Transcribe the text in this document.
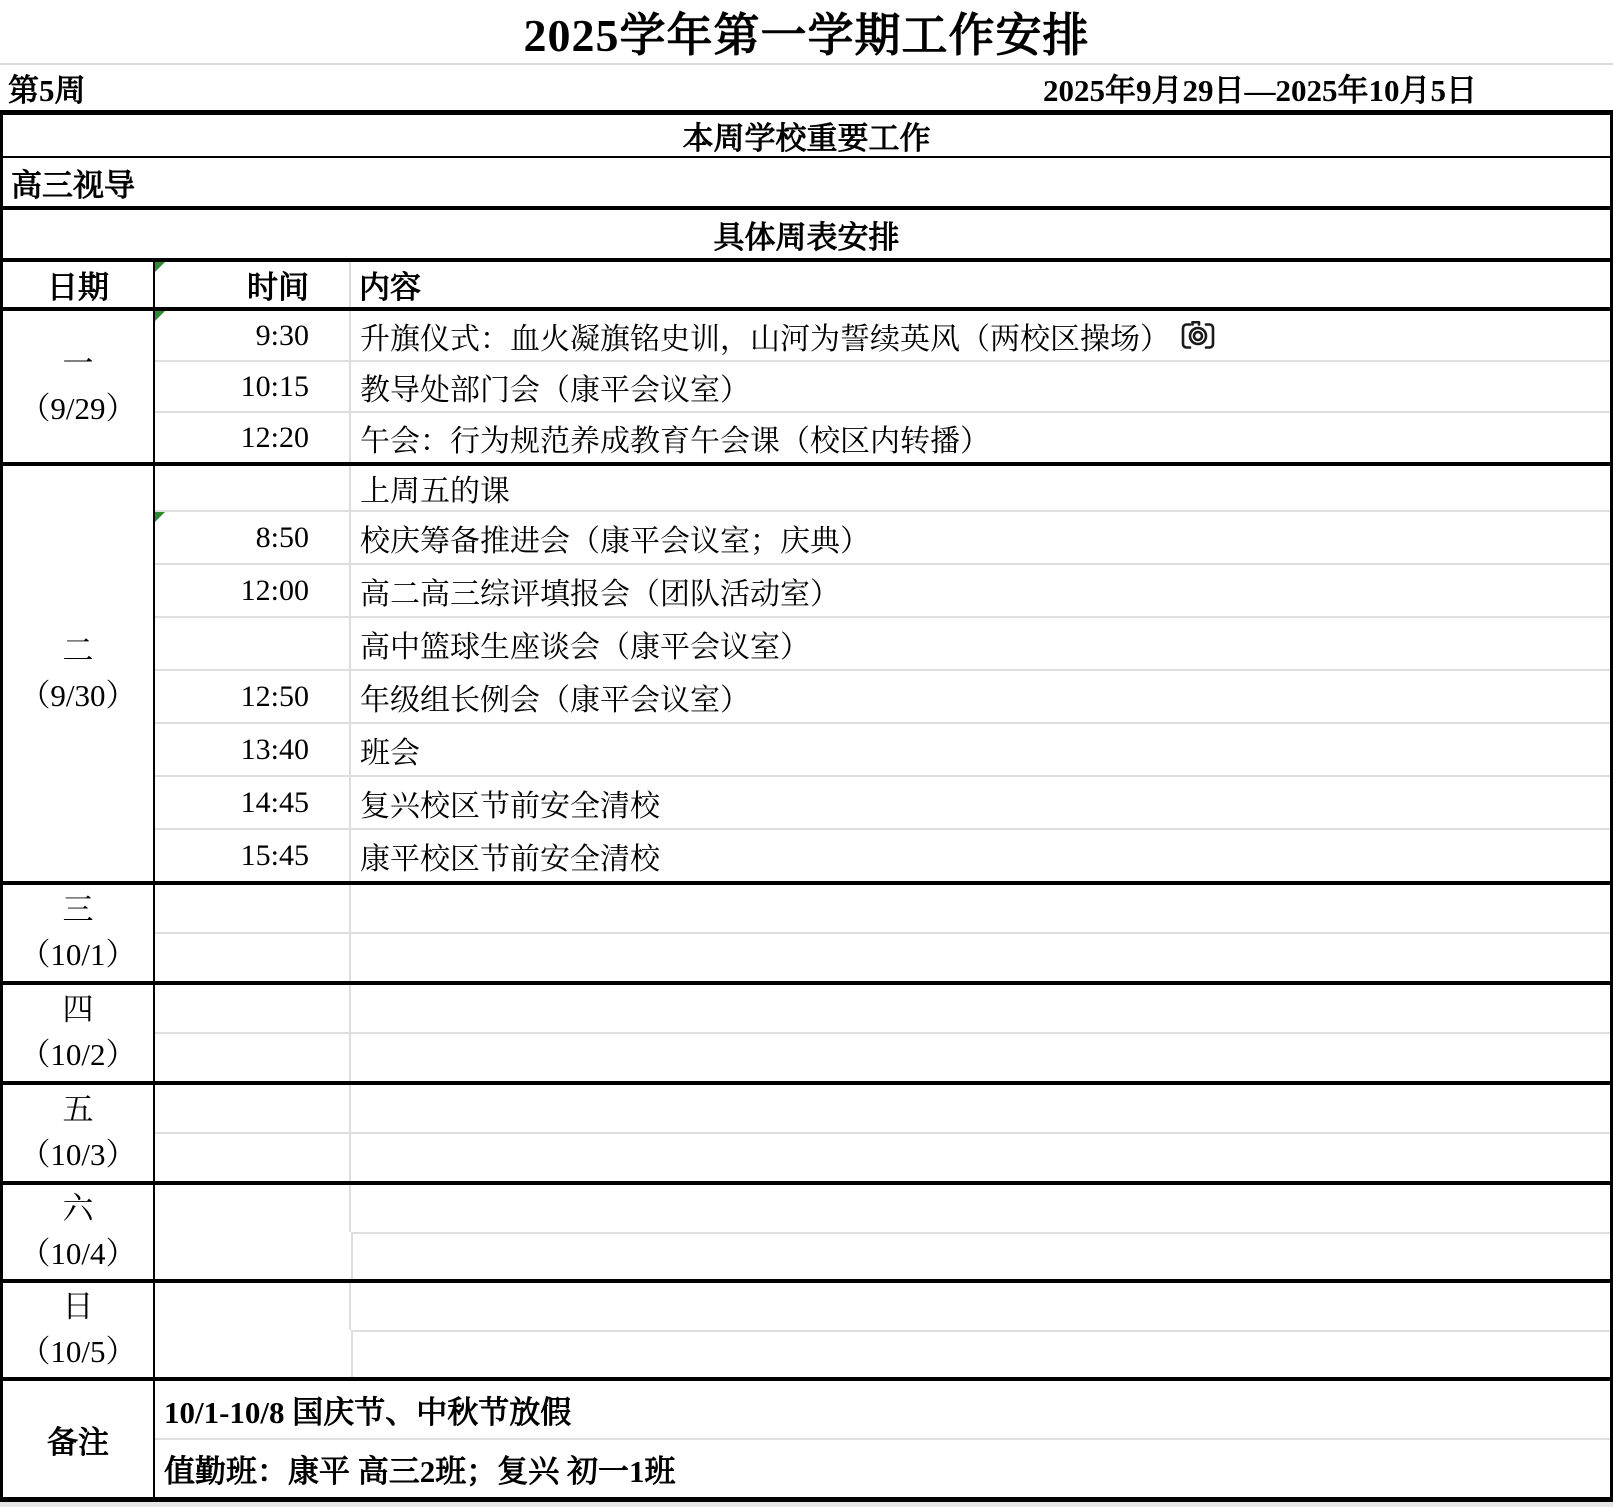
2025学年第一学期工作安排
第5周	2025年9月29日—2025年10月5日
本周学校重要工作
高三视导
具体周表安排
日期	时间 内容
一
（9/29）
9:30 升旗仪式：血火凝旗铭史训，山河为誓续英风（两校区操场）
10:15 教导处部门会（康平会议室）
12:20 午会：行为规范养成教育午会课（校区内转播）
二
（9/30）
上周五的课
8:50 校庆筹备推进会（康平会议室；庆典）
12:00 高二高三综评填报会（团队活动室）
高中篮球生座谈会（康平会议室）
12:50 年级组长例会（康平会议室）
13:40 班会
14:45 复兴校区节前安全清校
15:45 康平校区节前安全清校
三
（10/1）
四
（10/2）
五
（10/3）
六
（10/4）
日
（10/5）
备注
10/1-10/8 国庆节、中秋节放假
值勤班：康平 高三2班；复兴 初一1班
